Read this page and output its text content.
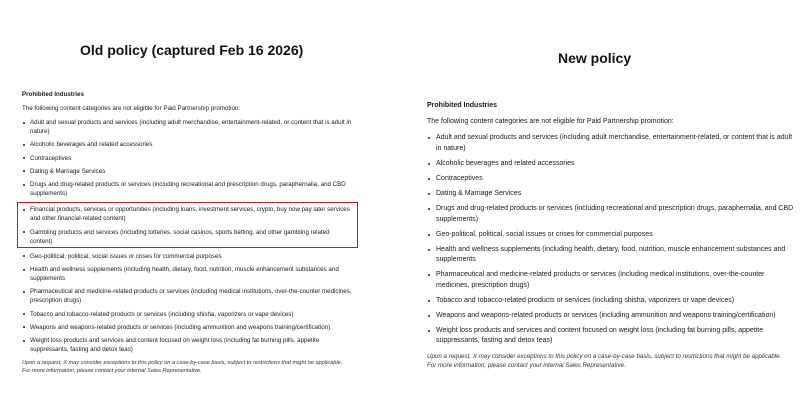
Old policy (captured Feb 16 2026)
Prohibited Industries
The following content categories are not eligible for Paid Partnership promotion:
Adult and sexual products and services (including adult merchandise, entertainment-related, or content that is adult in nature)
Alcoholic beverages and related accessories
Contraceptives
Dating & Marriage Services
Drugs and drug-related products or services (including recreational and prescription drugs, paraphernalia, and CBD supplements)
Financial products, services or opportunities (including loans, investment services, crypto, buy now pay later services and other financial-related content)
Gambling products and services (including lotteries, social casinos, sports betting, and other gambling related content)
Geo-political, political, social issues or crises for commercial purposes
Health and wellness supplements (including health, dietary, food, nutrition, muscle enhancement substances and supplements
Pharmaceutical and medicine-related products or services (including medical institutions, over-the-counter medicines, prescription drugs)
Tobacco and tobacco-related products or services (including shisha, vaporizers or vape devices)
Weapons and weapons-related products or services (including ammunition and weapons training/certification)
Weight loss products and services and content focused on weight loss (including fat burning pills, appetite suppressants, fasting and detox teas)
Upon a request, X may consider exceptions to this policy on a case-by-case basis, subject to restrictions that might be applicable.
For more information, please contact your internal Sales Representative.
New policy
Prohibited Industries
The following content categories are not eligible for Paid Partnership promotion:
Adult and sexual products and services (including adult merchandise, entertainment-related, or content that is adult in nature)
Alcoholic beverages and related accessories
Contraceptives
Dating & Marriage Services
Drugs and drug-related products or services (including recreational and prescription drugs, paraphernalia, and CBD supplements)
Geo-political, political, social issues or crises for commercial purposes
Health and wellness supplements (including health, dietary, food, nutrition, muscle enhancement substances and supplements
Pharmaceutical and medicine-related products or services (including medical institutions, over-the-counter medicines, prescription drugs)
Tobacco and tobacco-related products or services (including shisha, vaporizers or vape devices)
Weapons and weapons-related products or services (including ammunition and weapons training/certification)
Weight loss products and services and content focused on weight loss (including fat burning pills, appetite suppressants, fasting and detox teas)
Upon a request, X may consider exceptions to this policy on a case-by-case basis, subject to restrictions that might be applicable.
For more information, please contact your internal Sales Representative.
